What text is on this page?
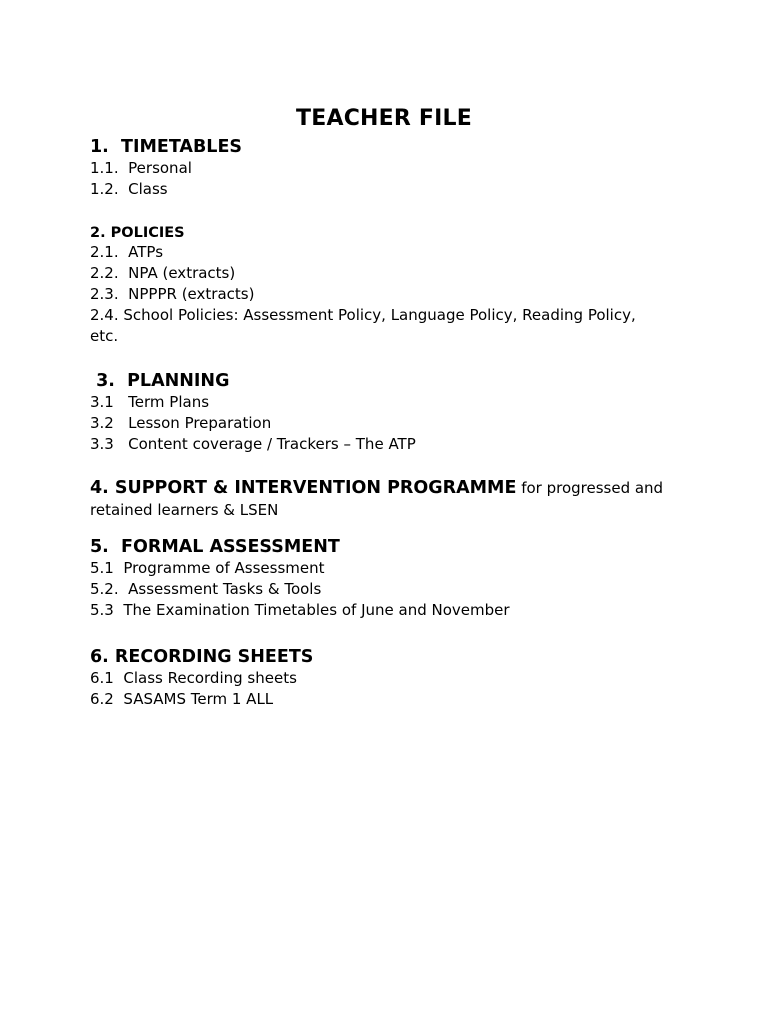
TEACHER FILE

1.  TIMETABLES

1.1.  Personal

1.2.  Class

2. POLICIES

2.1.  ATPs

2.2.  NPA (extracts)

2.3.  NPPPR (extracts)

2.4. School Policies: Assessment Policy, Language Policy, Reading Policy, etc.

3.  PLANNING

3.1   Term Plans

3.2   Lesson Preparation

3.3   Content coverage / Trackers – The ATP

4. SUPPORT & INTERVENTION PROGRAMME for progressed and retained learners & LSEN

5.  FORMAL ASSESSMENT

5.1  Programme of Assessment

5.2.  Assessment Tasks & Tools

5.3  The Examination Timetables of June and November

6. RECORDING SHEETS

6.1  Class Recording sheets

6.2  SASAMS Term 1 ALL
